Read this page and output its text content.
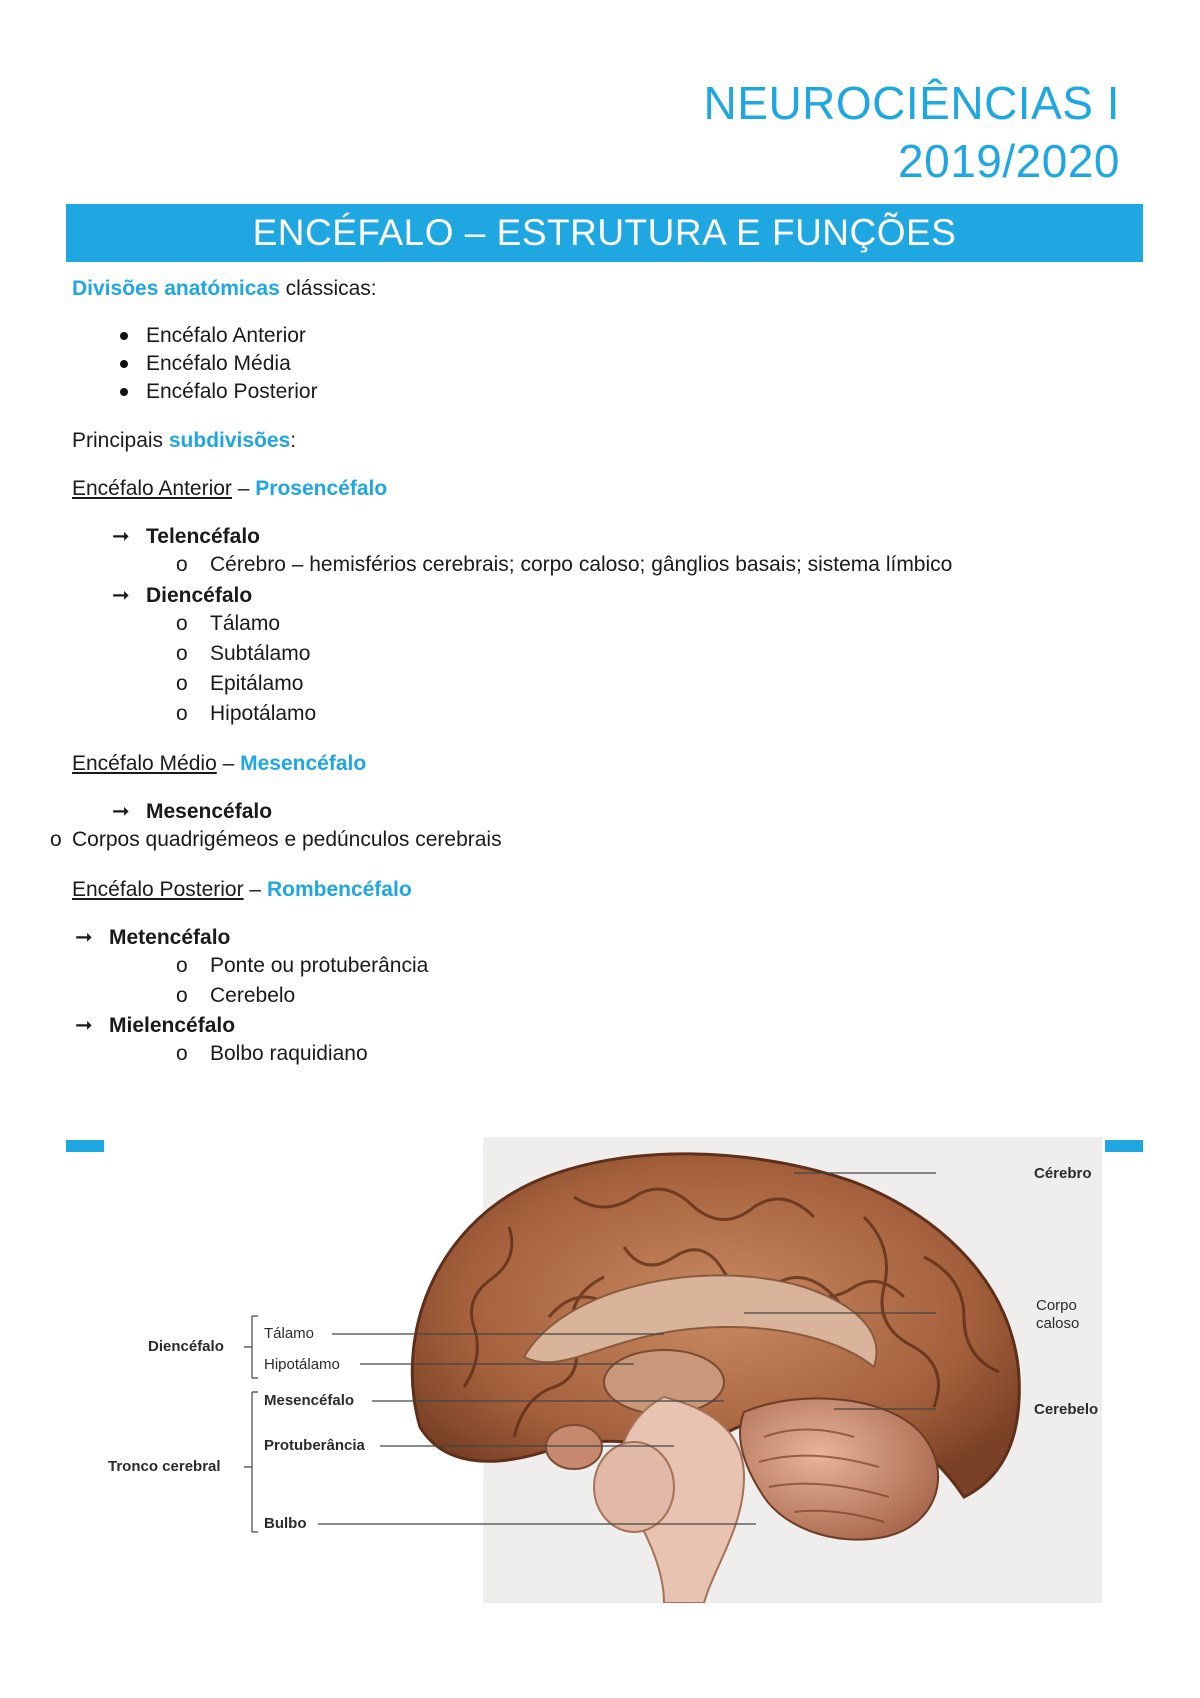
NEUROCIÊNCIAS I
2019/2020
ENCÉFALO – ESTRUTURA E FUNÇÕES
Divisões anatómicas clássicas:
Encéfalo Anterior
Encéfalo Média
Encéfalo Posterior
Principais subdivisões:
Encéfalo Anterior – Prosencéfalo
➞ Telencéfalo
o Cérebro – hemisférios cerebrais; corpo caloso; gânglios basais; sistema límbico
➞ Diencéfalo
o Tálamo
o Subtálamo
o Epitálamo
o Hipotálamo
Encéfalo Médio – Mesencéfalo
➞ Mesencéfalo
o Corpos quadrigémeos e pedúnculos cerebrais
Encéfalo Posterior – Rombencéfalo
➞ Metencéfalo
o Ponte ou protuberância
o Cerebelo
➞ Mielencéfalo
o Bolbo raquidiano
Cérebro
Corpo
caloso
Cerebelo
Diencéfalo
Tálamo
Hipotálamo
Mesencéfalo
Protuberância
Tronco cerebral
Bulbo
